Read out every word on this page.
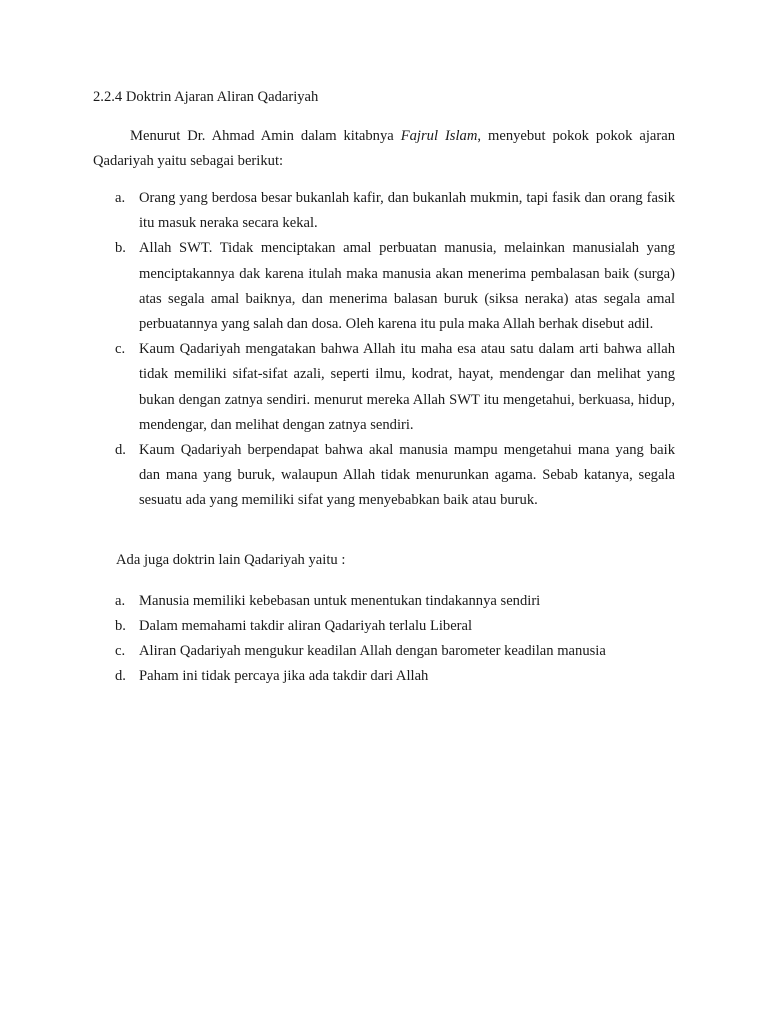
2.2.4 Doktrin Ajaran Aliran Qadariyah

Menurut Dr. Ahmad Amin dalam kitabnya Fajrul Islam, menyebut pokok pokok ajaran Qadariyah yaitu sebagai berikut:

a. Orang yang berdosa besar bukanlah kafir, dan bukanlah mukmin, tapi fasik dan orang fasik itu masuk neraka secara kekal.
b. Allah SWT. Tidak menciptakan amal perbuatan manusia, melainkan manusialah yang menciptakannya dak karena itulah maka manusia akan menerima pembalasan baik (surga) atas segala amal baiknya, dan menerima balasan buruk (siksa neraka) atas segala amal perbuatannya yang salah dan dosa. Oleh karena itu pula maka Allah berhak disebut adil.
c. Kaum Qadariyah mengatakan bahwa Allah itu maha esa atau satu dalam arti bahwa allah tidak memiliki sifat-sifat azali, seperti ilmu, kodrat, hayat, mendengar dan melihat yang bukan dengan zatnya sendiri. menurut mereka Allah SWT itu mengetahui, berkuasa, hidup, mendengar, dan melihat dengan zatnya sendiri.
d. Kaum Qadariyah berpendapat bahwa akal manusia mampu mengetahui mana yang baik dan mana yang buruk, walaupun Allah tidak menurunkan agama. Sebab katanya, segala sesuatu ada yang memiliki sifat yang menyebabkan baik atau buruk.
Ada juga doktrin lain Qadariyah yaitu :
a. Manusia memiliki kebebasan untuk menentukan tindakannya sendiri
b. Dalam memahami takdir aliran Qadariyah terlalu Liberal
c. Aliran Qadariyah mengukur keadilan Allah dengan barometer keadilan manusia
d. Paham ini tidak percaya jika ada takdir dari Allah
